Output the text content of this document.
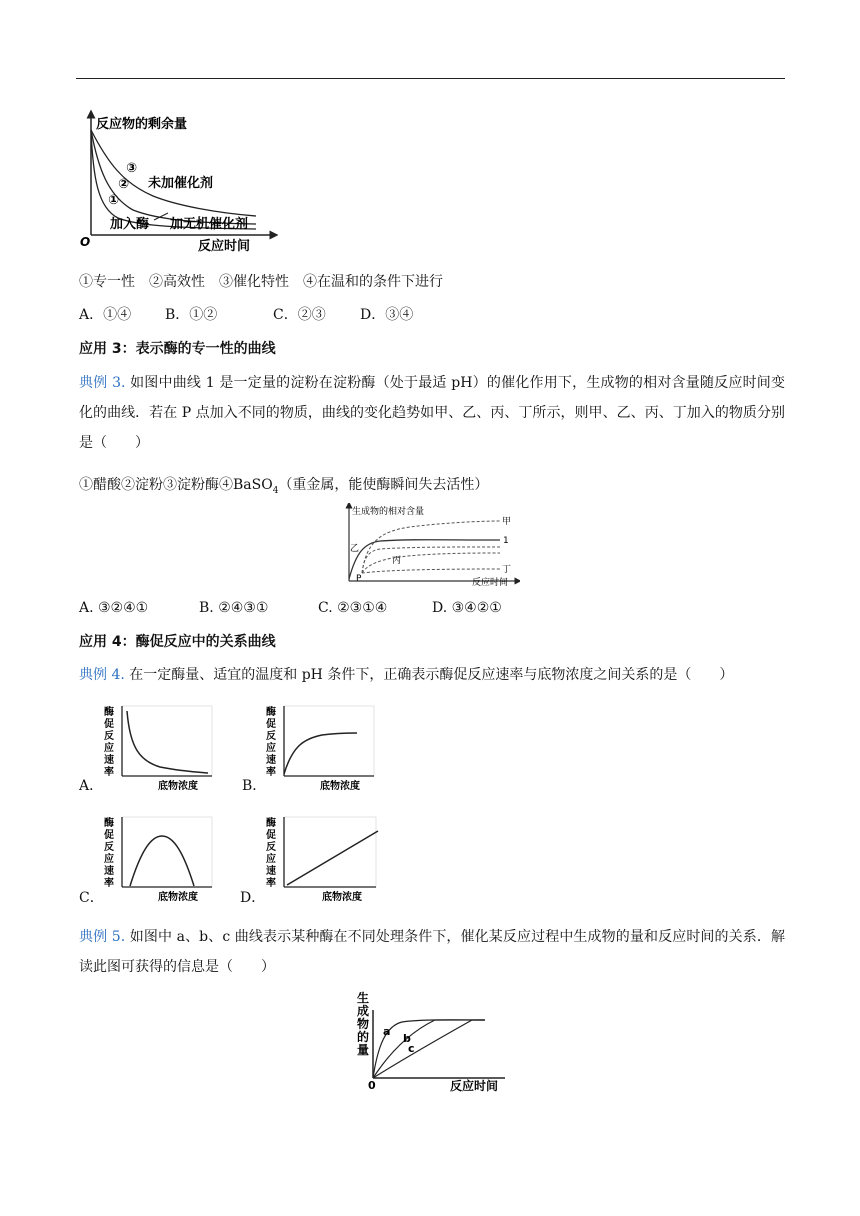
反应物的剩余量
反应时间
O
③
②
①
未加催化剂
加入酶 加无机催化剂
①专一性　②高效性　③催化特性　④在温和的条件下进行
A．①④ B．①②	C．②③ D．③④
应用 3：表示酶的专一性的曲线
典例 3. 如图中曲线 1 是一定量的淀粉在淀粉酶（处于最适 pH）的催化作用下，生成物的相对含量随反应时间变化的曲线．若在 P 点加入不同的物质，曲线的变化趋势如甲、乙、丙、丁所示，则甲、乙、丙、丁加入的物质分别是（　　）
①醋酸②淀粉③淀粉酶④BaSO$_4$（重金属，能使酶瞬间失去活性）
生成物的相对含量
反应时间
甲
乙
1
丙
丁
P
A. ③②④①	B. ②④③①	C. ②③①④	D. ③④②①
应用 4：酶促反应中的关系曲线
典例 4. 在一定酶量、适宜的温度和 pH 条件下，正确表示酶促反应速率与底物浓度之间关系的是（　　）
A．	B．
C．	D．
酶
促
反
应
速
率
底物浓度
酶
促
反
应
速
率
底物浓度
酶
促
反
应
速
率
底物浓度
酶
促
反
应
速
率
底物浓度
典例 5. 如图中 a、b、c 曲线表示某种酶在不同处理条件下，催化某反应过程中生成物的量和反应时间的关系．解读此图可获得的信息是（　　）
生
成
物
的
量
0	反应时间
a
b
c
